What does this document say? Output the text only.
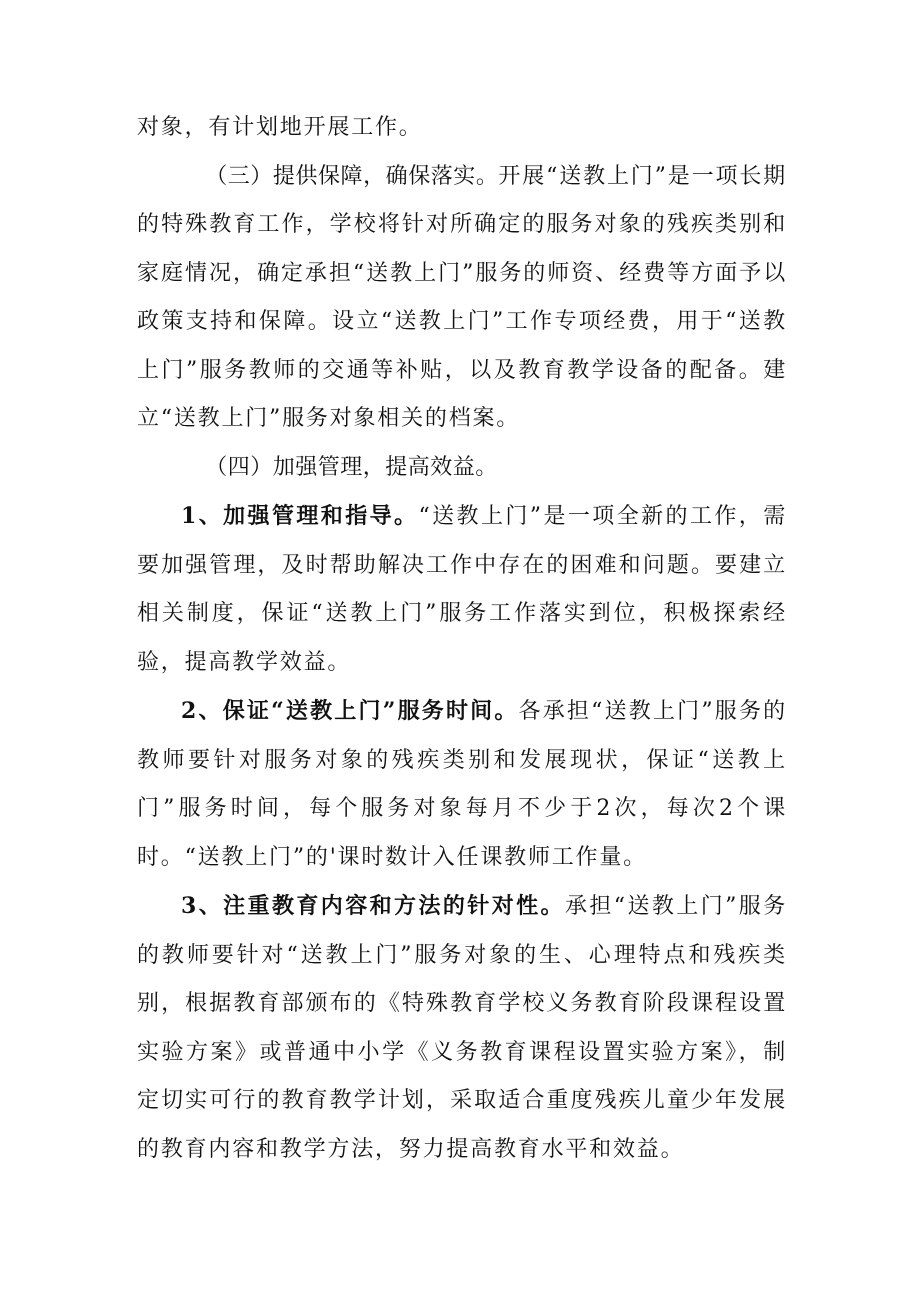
对象，有计划地开展工作。

（三）提供保障，确保落实。开展“送教上门”是一项长期的特殊教育工作，学校将针对所确定的服务对象的残疾类别和家庭情况，确定承担“送教上门”服务的师资、经费等方面予以政策支持和保障。设立“送教上门”工作专项经费，用于“送教上门”服务教师的交通等补贴，以及教育教学设备的配备。建立“送教上门”服务对象相关的档案。

（四）加强管理，提高效益。

1、加强管理和指导。“送教上门”是一项全新的工作，需要加强管理，及时帮助解决工作中存在的困难和问题。要建立相关制度，保证“送教上门”服务工作落实到位，积极探索经验，提高教学效益。

2、保证“送教上门”服务时间。各承担“送教上门”服务的教师要针对服务对象的残疾类别和发展现状，保证“送教上门”服务时间，每个服务对象每月不少于2次，每次2个课时。“送教上门”的'课时数计入任课教师工作量。

3、注重教育内容和方法的针对性。承担“送教上门”服务的教师要针对“送教上门”服务对象的生、心理特点和残疾类别，根据教育部颁布的《特殊教育学校义务教育阶段课程设置实验方案》或普通中小学《义务教育课程设置实验方案》，制定切实可行的教育教学计划，采取适合重度残疾儿童少年发展的教育内容和教学方法，努力提高教育水平和效益。
